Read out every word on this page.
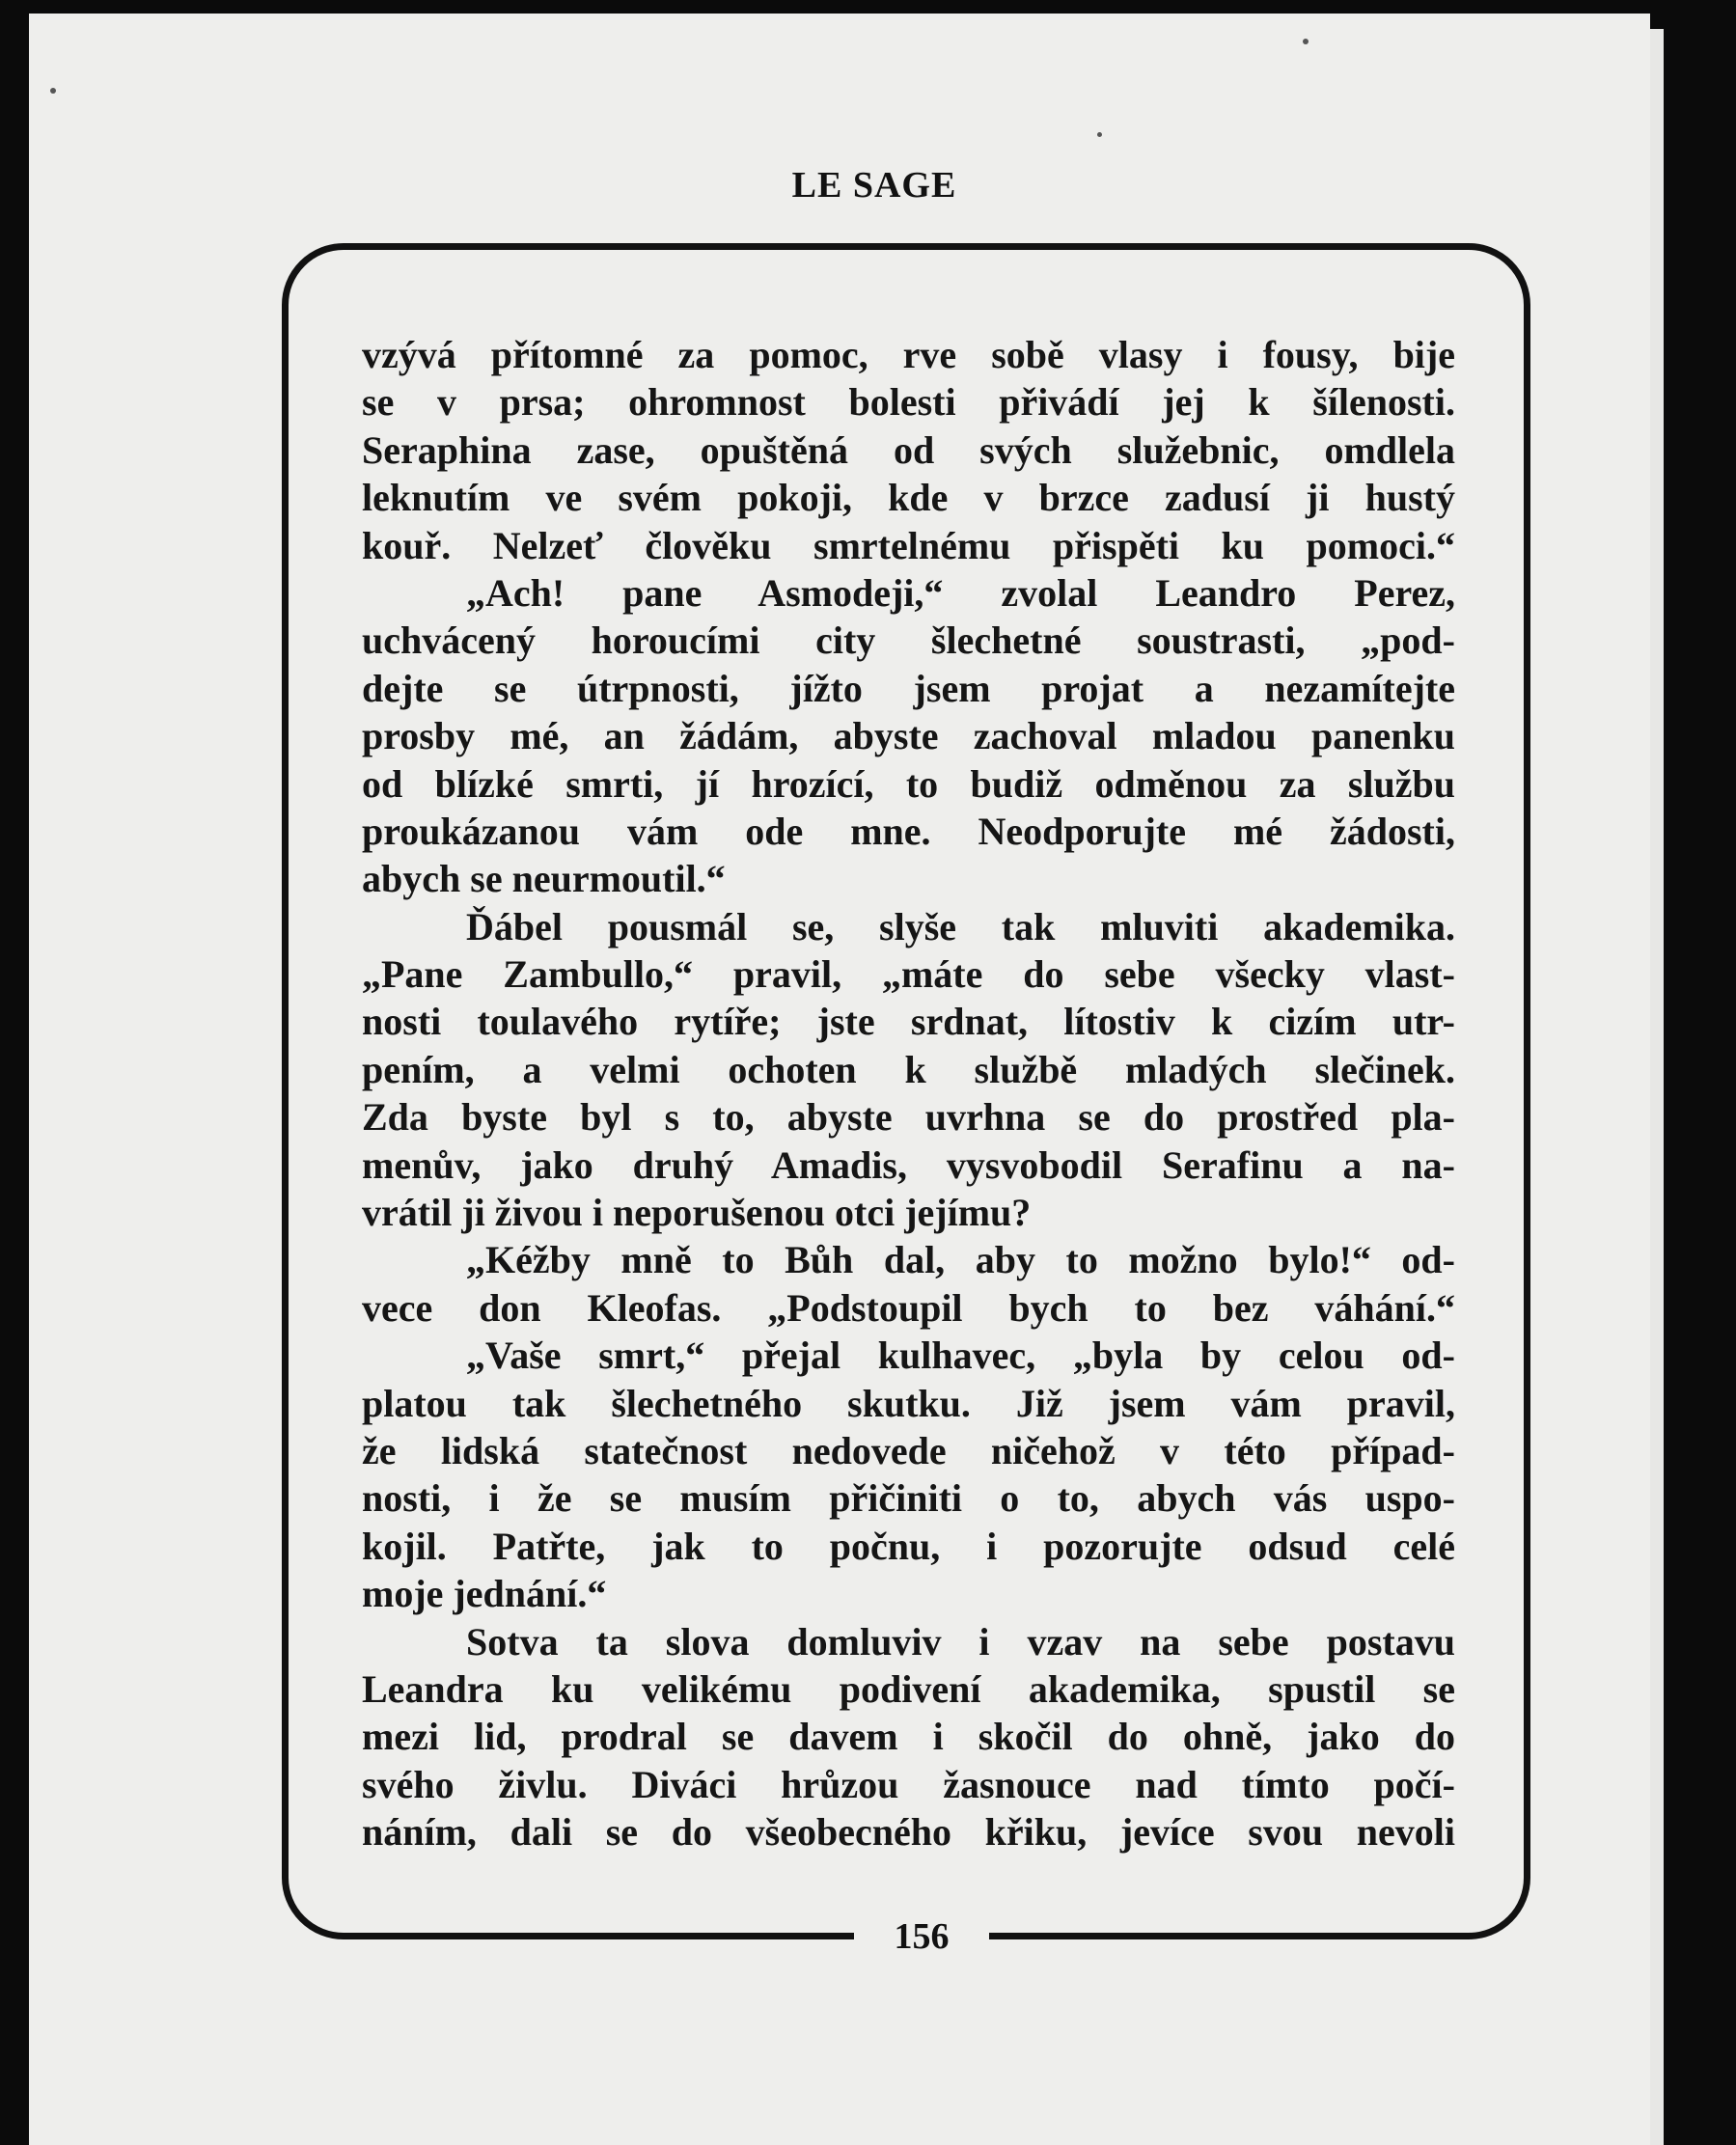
LE SAGE
vzývá přítomné za pomoc, rve sobě vlasy i fousy, bije
se v prsa; ohromnost bolesti přivádí jej k šílenosti.
Seraphina zase, opuštěná od svých služebnic, omdlela
leknutím ve svém pokoji, kde v brzce zadusí ji hustý
kouř. Nelzeť člověku smrtelnému přispěti ku pomoci.“
„Ach! pane Asmodeji,“ zvolal Leandro Perez,
uchvácený horoucími city šlechetné soustrasti, „pod-
dejte se útrpnosti, jížto jsem projat a nezamítejte
prosby mé, an žádám, abyste zachoval mladou panenku
od blízké smrti, jí hrozící, to budiž odměnou za službu
proukázanou vám ode mne. Neodporujte mé žádosti,
abych se neurmoutil.“
Ďábel pousmál se, slyše tak mluviti akademika.
„Pane Zambullo,“ pravil, „máte do sebe všecky vlast-
nosti toulavého rytíře; jste srdnat, lítostiv k cizím utr-
pením, a velmi ochoten k službě mladých slečinek.
Zda byste byl s to, abyste uvrhna se do prostřed pla-
menův, jako druhý Amadis, vysvobodil Serafinu a na-
vrátil ji živou i neporušenou otci jejímu?
„Kéžby mně to Bůh dal, aby to možno bylo!“ od-
vece don Kleofas. „Podstoupil bych to bez váhání.“
„Vaše smrt,“ přejal kulhavec, „byla by celou od-
platou tak šlechetného skutku. Již jsem vám pravil,
že lidská statečnost nedovede ničehož v této případ-
nosti, i že se musím přičiniti o to, abych vás uspo-
kojil. Patřte, jak to počnu, i pozorujte odsud celé
moje jednání.“
Sotva ta slova domluviv i vzav na sebe postavu
Leandra ku velikému podivení akademika, spustil se
mezi lid, prodral se davem i skočil do ohně, jako do
svého živlu. Diváci hrůzou žasnouce nad tímto počí-
náním, dali se do všeobecného křiku, jevíce svou nevoli
156
